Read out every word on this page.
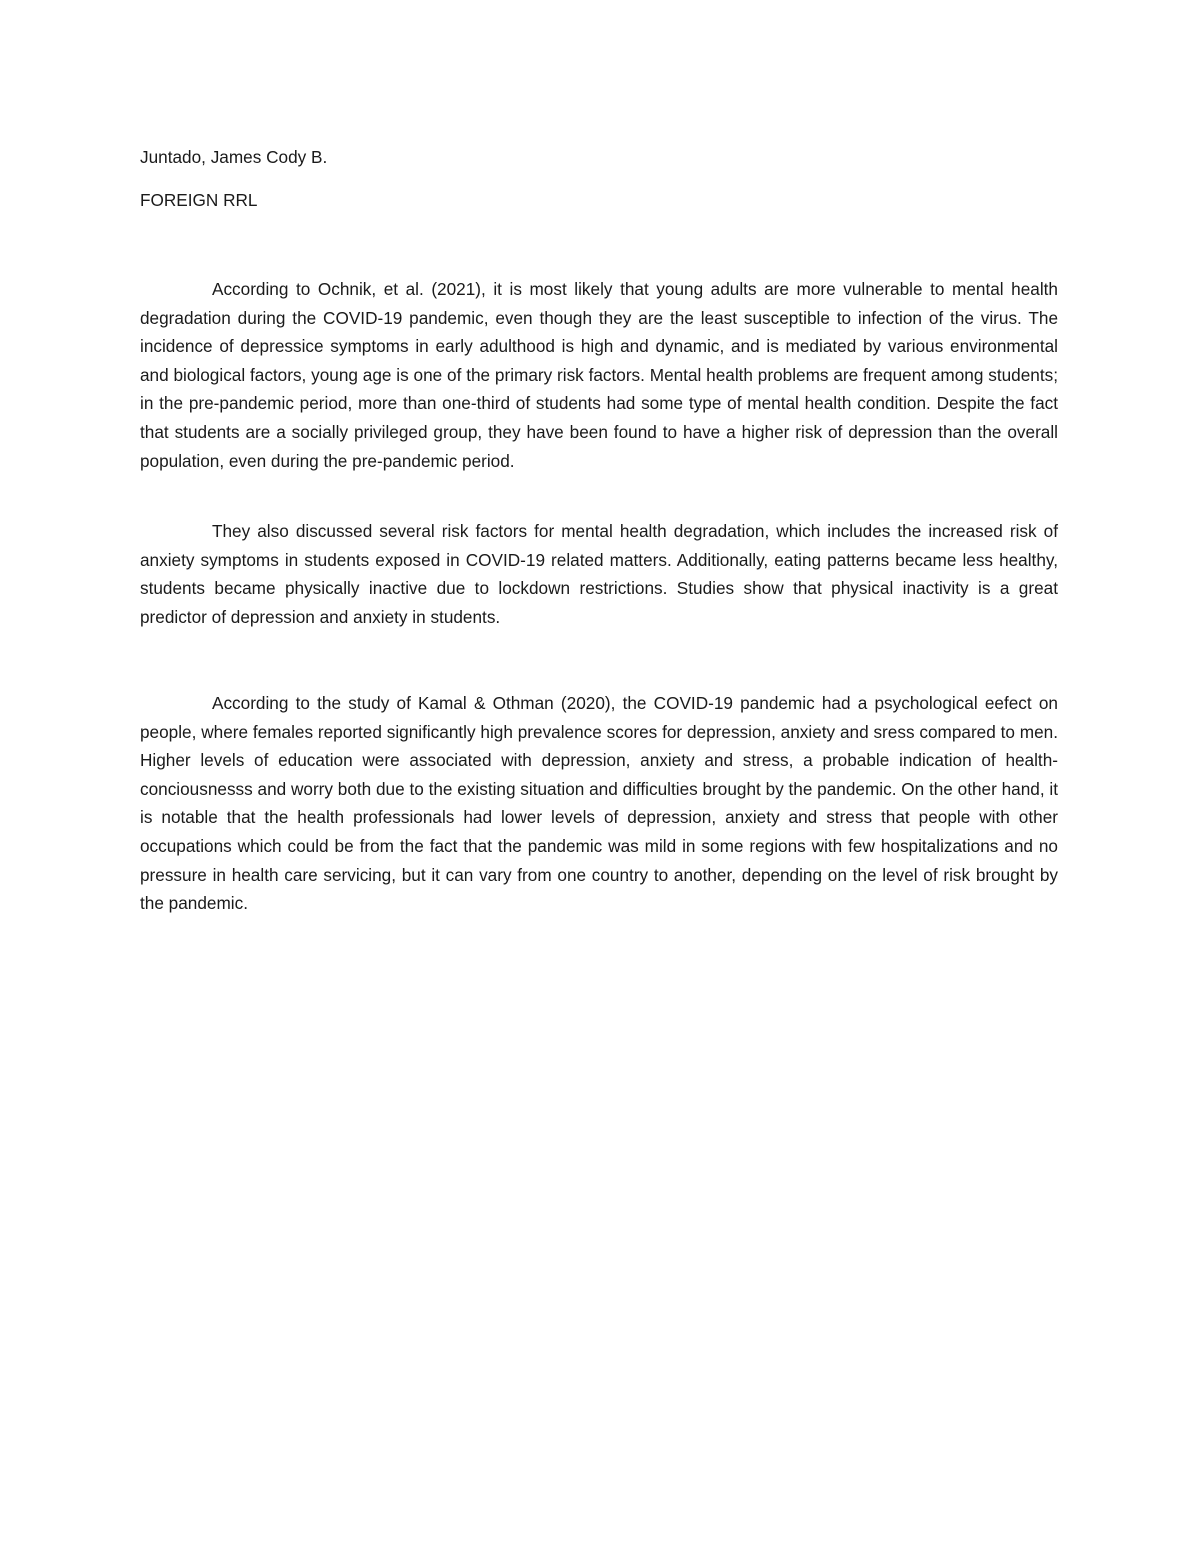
Juntado, James Cody B.

FOREIGN RRL

According to Ochnik, et al. (2021), it is most likely that young adults are more vulnerable to mental health degradation during the COVID-19 pandemic, even though they are the least susceptible to infection of the virus. The incidence of depressice symptoms in early adulthood is high and dynamic, and is mediated by various environmental and biological factors, young age is one of the primary risk factors. Mental health problems are frequent among students; in the pre-pandemic period, more than one-third of students had some type of mental health condition. Despite the fact that students are a socially privileged group, they have been found to have a higher risk of depression than the overall population, even during the pre-pandemic period.

They also discussed several risk factors for mental health degradation, which includes the increased risk of anxiety symptoms in students exposed in COVID-19 related matters. Additionally, eating patterns became less healthy, students became physically inactive due to lockdown restrictions. Studies show that physical inactivity is a great predictor of depression and anxiety in students.

According to the study of Kamal & Othman (2020), the COVID-19 pandemic had a psychological eefect on people, where females reported significantly high prevalence scores for depression, anxiety and sress compared to men. Higher levels of education were associated with depression, anxiety and stress, a probable indication of health-conciousnesss and worry both due to the existing situation and difficulties brought by the pandemic. On the other hand, it is notable that the health professionals had lower levels of depression, anxiety and stress that people with other occupations which could be from the fact that the pandemic was mild in some regions with few hospitalizations and no pressure in health care servicing, but it can vary from one country to another, depending on the level of risk brought by the pandemic.
